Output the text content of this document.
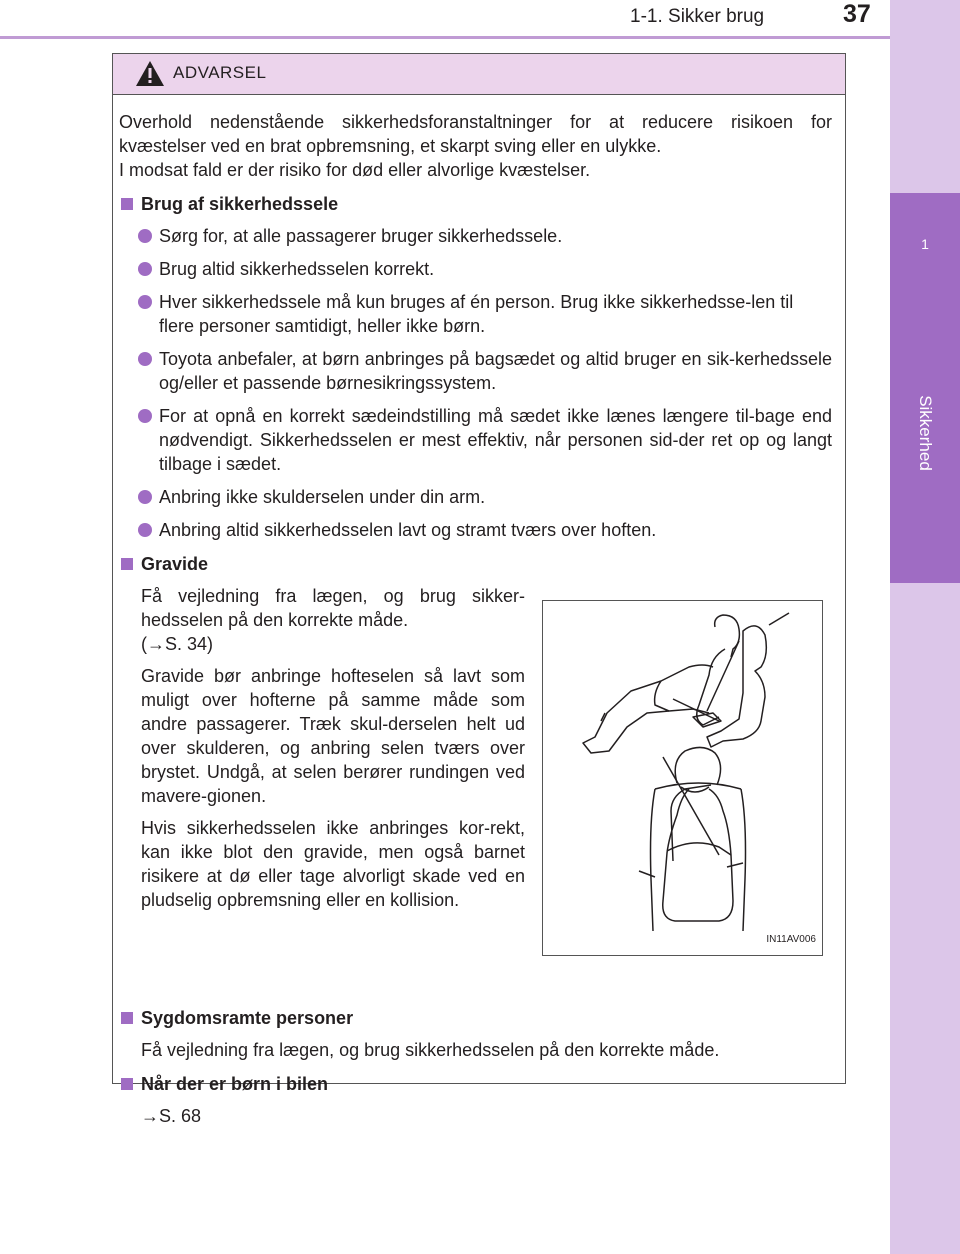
1-1. Sikker brug	37
1
Sikkerhed
ADVARSEL

Overhold nedenstående sikkerhedsforanstaltninger for at reducere risikoen for kvæstelser ved en brat opbremsning, et skarpt sving eller en ulykke.

I modsat fald er der risiko for død eller alvorlige kvæstelser.

Brug af sikkerhedssele
Sørg for, at alle passagerer bruger sikkerhedssele.
Brug altid sikkerhedsselen korrekt.
Hver sikkerhedssele må kun bruges af én person. Brug ikke sikkerhedsse-len til flere personer samtidigt, heller ikke børn.
Toyota anbefaler, at børn anbringes på bagsædet og altid bruger en sik-kerhedssele og/eller et passende børnesikringssystem.
For at opnå en korrekt sædeindstilling må sædet ikke lænes længere til-bage end nødvendigt. Sikkerhedsselen er mest effektiv, når personen sid-der ret op og langt tilbage i sædet.
Anbring ikke skulderselen under din arm.
Anbring altid sikkerhedsselen lavt og stramt tværs over hoften.
Gravide

Få vejledning fra lægen, og brug sikker-hedsselen på den korrekte måde.

(→S. 34)

Gravide bør anbringe hofteselen så lavt som muligt over hofterne på samme måde som andre passagerer. Træk skul-derselen helt ud over skulderen, og anbring selen tværs over brystet. Undgå, at selen berører rundingen ved mavere-gionen.

Hvis sikkerhedsselen ikke anbringes kor-rekt, kan ikke blot den gravide, men også barnet risikere at dø eller tage alvorligt skade ved en pludselig opbremsning eller en kollision.

IN11AV006
Sygdomsramte personer

Få vejledning fra lægen, og brug sikkerhedsselen på den korrekte måde.

Når der er børn i bilen

→S. 68
